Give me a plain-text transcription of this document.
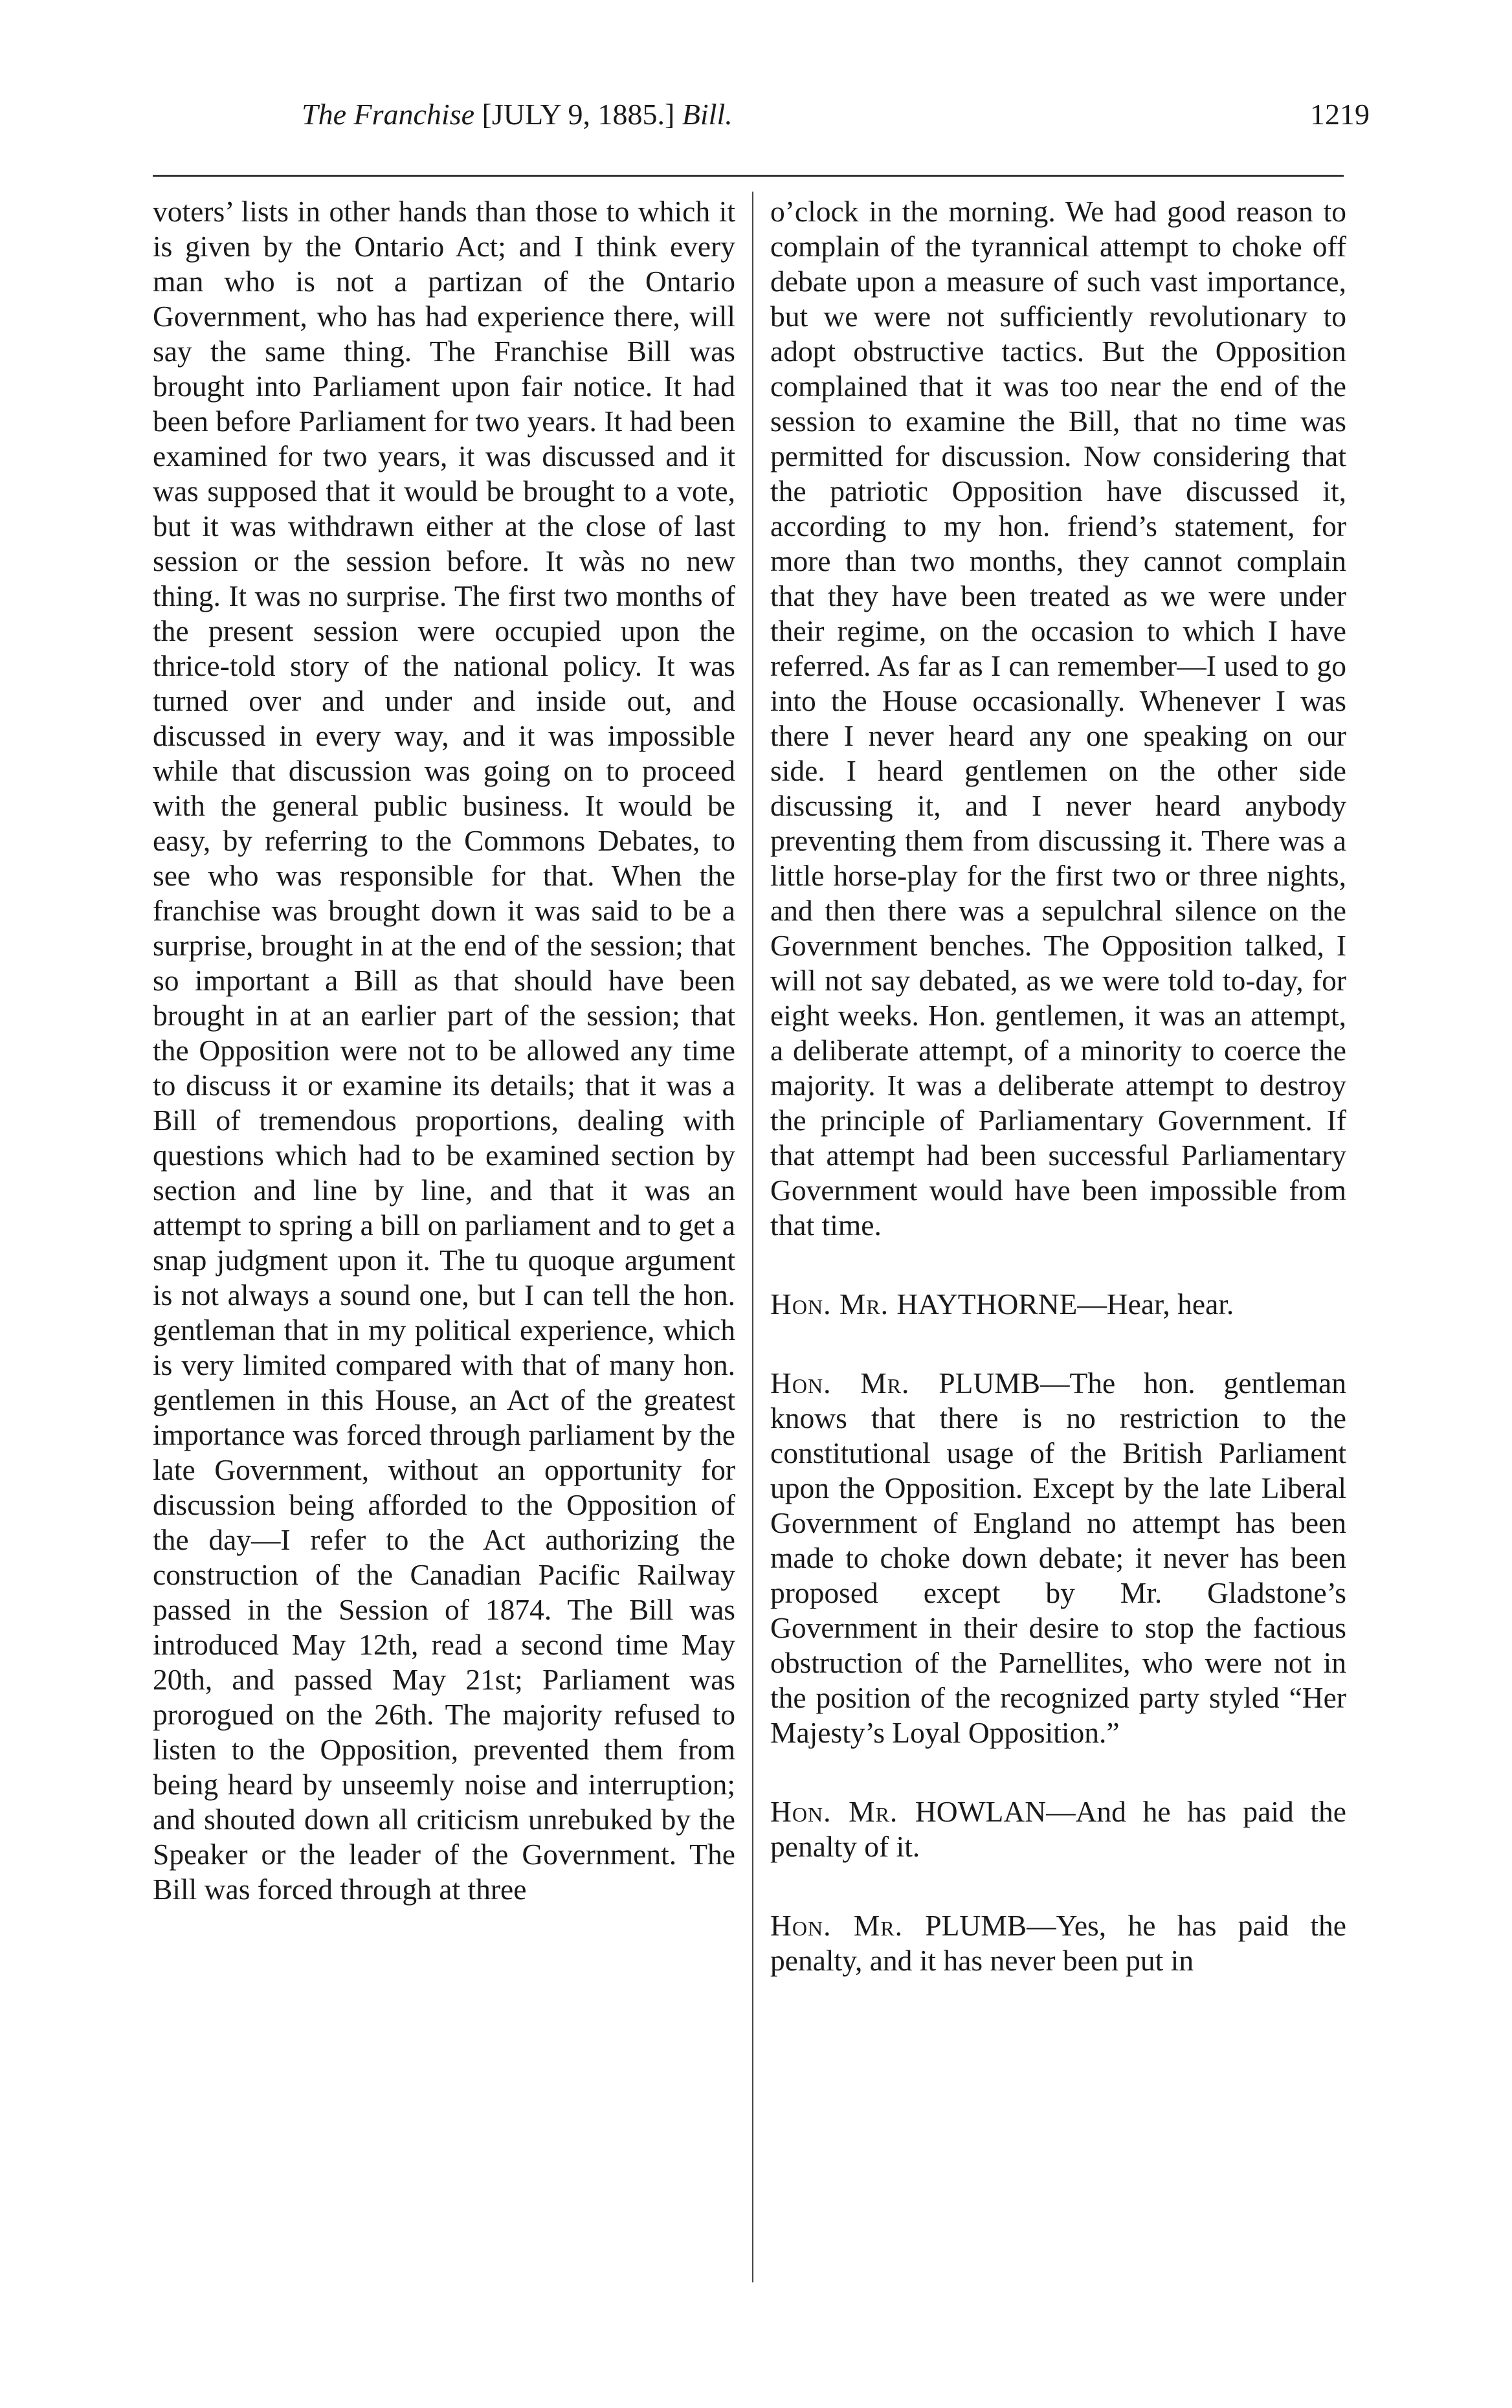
The Franchise [JULY 9, 1885.] Bill.	1219

voters’ lists in other hands than those to which it is given by the Ontario Act; and I think every man who is not a partizan of the Ontario Government, who has had experience there, will say the same thing. The Franchise Bill was brought into Parliament upon fair notice. It had been before Parliament for two years. It had been examined for two years, it was discussed and it was supposed that it would be brought to a vote, but it was withdrawn either at the close of last session or the session before. It wàs no new thing. It was no surprise. The first two months of the present session were occupied upon the thrice-told story of the national policy. It was turned over and under and inside out, and discussed in every way, and it was impossible while that discussion was going on to proceed with the general public business. It would be easy, by referring to the Commons Debates, to see who was responsible for that. When the franchise was brought down it was said to be a surprise, brought in at the end of the session; that so important a Bill as that should have been brought in at an earlier part of the session; that the Opposition were not to be allowed any time to discuss it or examine its details; that it was a Bill of tremendous proportions, dealing with questions which had to be examined section by section and line by line, and that it was an attempt to spring a bill on parliament and to get a snap judgment upon it. The tu quoque argument is not always a sound one, but I can tell the hon. gentleman that in my political experience, which is very limited compared with that of many hon. gentlemen in this House, an Act of the greatest importance was forced through parliament by the late Government, without an opportunity for discussion being afforded to the Opposition of the day—I refer to the Act authorizing the construction of the Canadian Pacific Railway passed in the Session of 1874. The Bill was introduced May 12th, read a second time May 20th, and passed May 21st; Parliament was prorogued on the 26th. The majority refused to listen to the Opposition, prevented them from being heard by unseemly noise and interruption; and shouted down all criticism unrebuked by the Speaker or the leader of the Government. The Bill was forced through at three

o’clock in the morning. We had good reason to complain of the tyrannical attempt to choke off debate upon a measure of such vast importance, but we were not sufficiently revolutionary to adopt obstructive tactics. But the Opposition complained that it was too near the end of the session to examine the Bill, that no time was permitted for discussion. Now considering that the patriotic Opposition have discussed it, according to my hon. friend’s statement, for more than two months, they cannot complain that they have been treated as we were under their regime, on the occasion to which I have referred. As far as I can remember—I used to go into the House occasionally. Whenever I was there I never heard any one speaking on our side. I heard gentlemen on the other side discussing it, and I never heard anybody preventing them from discussing it. There was a little horse-play for the first two or three nights, and then there was a sepulchral silence on the Government benches. The Opposition talked, I will not say debated, as we were told to-day, for eight weeks. Hon. gentlemen, it was an attempt, a deliberate attempt, of a minority to coerce the majority. It was a deliberate attempt to destroy the principle of Parliamentary Government. If that attempt had been successful Parliamentary Government would have been impossible from that time.

Hon. Mr. HAYTHORNE—Hear, hear.

Hon. Mr. PLUMB—The hon. gentleman knows that there is no restriction to the constitutional usage of the British Parliament upon the Opposition. Except by the late Liberal Government of England no attempt has been made to choke down debate; it never has been proposed except by Mr. Gladstone’s Government in their desire to stop the factious obstruction of the Parnellites, who were not in the position of the recognized party styled “Her Majesty’s Loyal Opposition.”

Hon. Mr. HOWLAN—And he has paid the penalty of it.

Hon. Mr. PLUMB—Yes, he has paid the penalty, and it has never been put in
